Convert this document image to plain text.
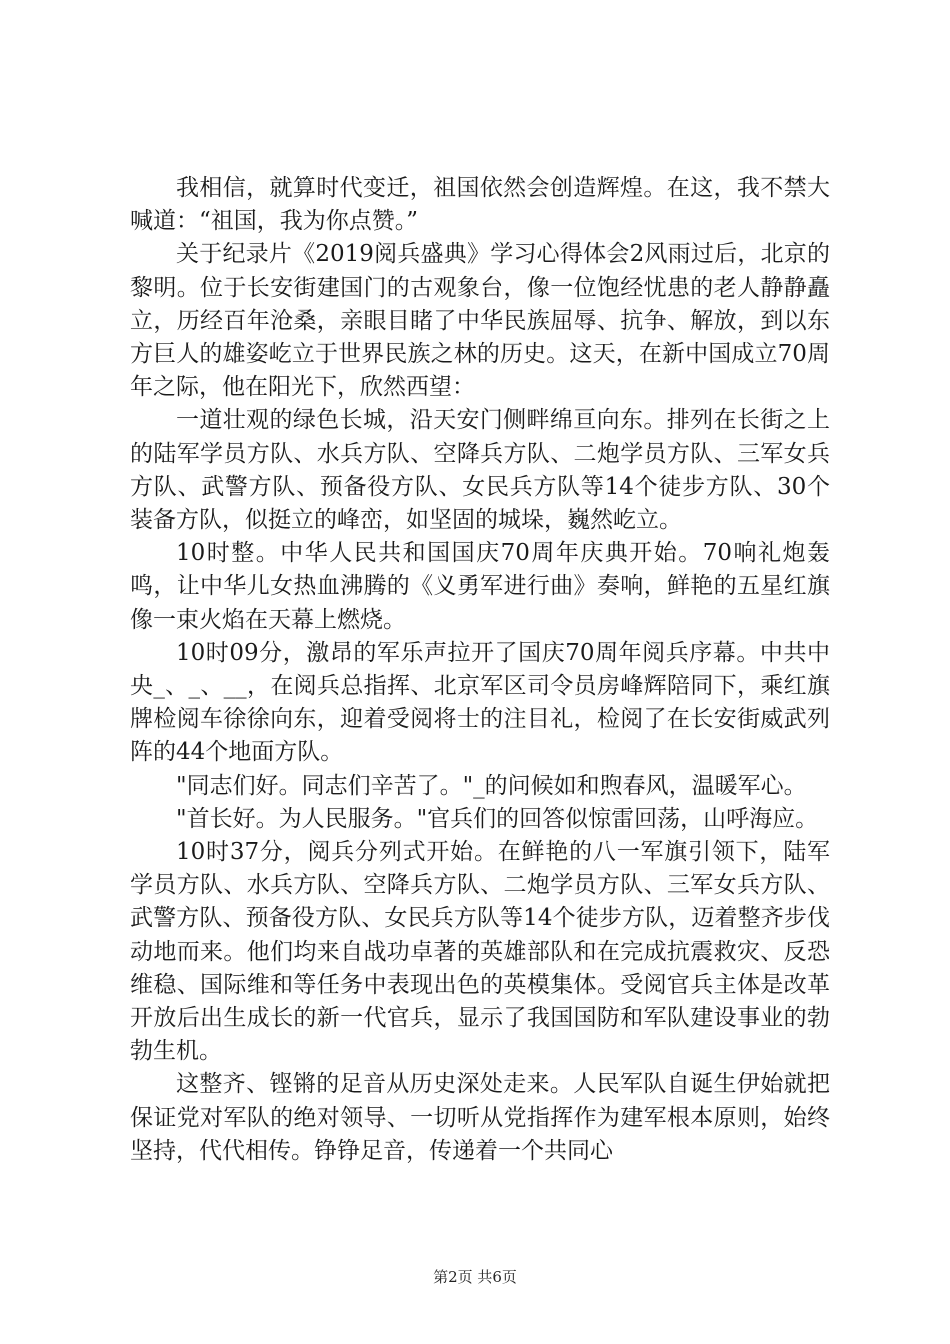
我相信，就算时代变迁，祖国依然会创造辉煌。在这，我不禁大喊道：“祖国，我为你点赞。”

关于纪录片《2019阅兵盛典》学习心得体会2风雨过后，北京的黎明。位于长安街建国门的古观象台，像一位饱经忧患的老人静静矗立，历经百年沧桑，亲眼目睹了中华民族屈辱、抗争、解放，到以东方巨人的雄姿屹立于世界民族之林的历史。这天，在新中国成立70周年之际，他在阳光下，欣然西望：

一道壮观的绿色长城，沿天安门侧畔绵亘向东。排列在长街之上的陆军学员方队、水兵方队、空降兵方队、二炮学员方队、三军女兵方队、武警方队、预备役方队、女民兵方队等14个徒步方队、30个装备方队，似挺立的峰峦，如坚固的城垛，巍然屹立。

10时整。中华人民共和国国庆70周年庆典开始。70响礼炮轰鸣，让中华儿女热血沸腾的《义勇军进行曲》奏响，鲜艳的五星红旗像一束火焰在天幕上燃烧。

10时09分，激昂的军乐声拉开了国庆70周年阅兵序幕。中共中央_、_、__，在阅兵总指挥、北京军区司令员房峰辉陪同下，乘红旗牌检阅车徐徐向东，迎着受阅将士的注目礼，检阅了在长安街威武列阵的44个地面方队。

"同志们好。同志们辛苦了。"_的问候如和煦春风，温暖军心。

"首长好。为人民服务。"官兵们的回答似惊雷回荡，山呼海应。

10时37分，阅兵分列式开始。在鲜艳的八一军旗引领下，陆军学员方队、水兵方队、空降兵方队、二炮学员方队、三军女兵方队、武警方队、预备役方队、女民兵方队等14个徒步方队，迈着整齐步伐动地而来。他们均来自战功卓著的英雄部队和在完成抗震救灾、反恐维稳、国际维和等任务中表现出色的英模集体。受阅官兵主体是改革开放后出生成长的新一代官兵，显示了我国国防和军队建设事业的勃勃生机。

这整齐、铿锵的足音从历史深处走来。人民军队自诞生伊始就把保证党对军队的绝对领导、一切听从党指挥作为建军根本原则，始终坚持，代代相传。铮铮足音，传递着一个共同心

第2页 共6页
